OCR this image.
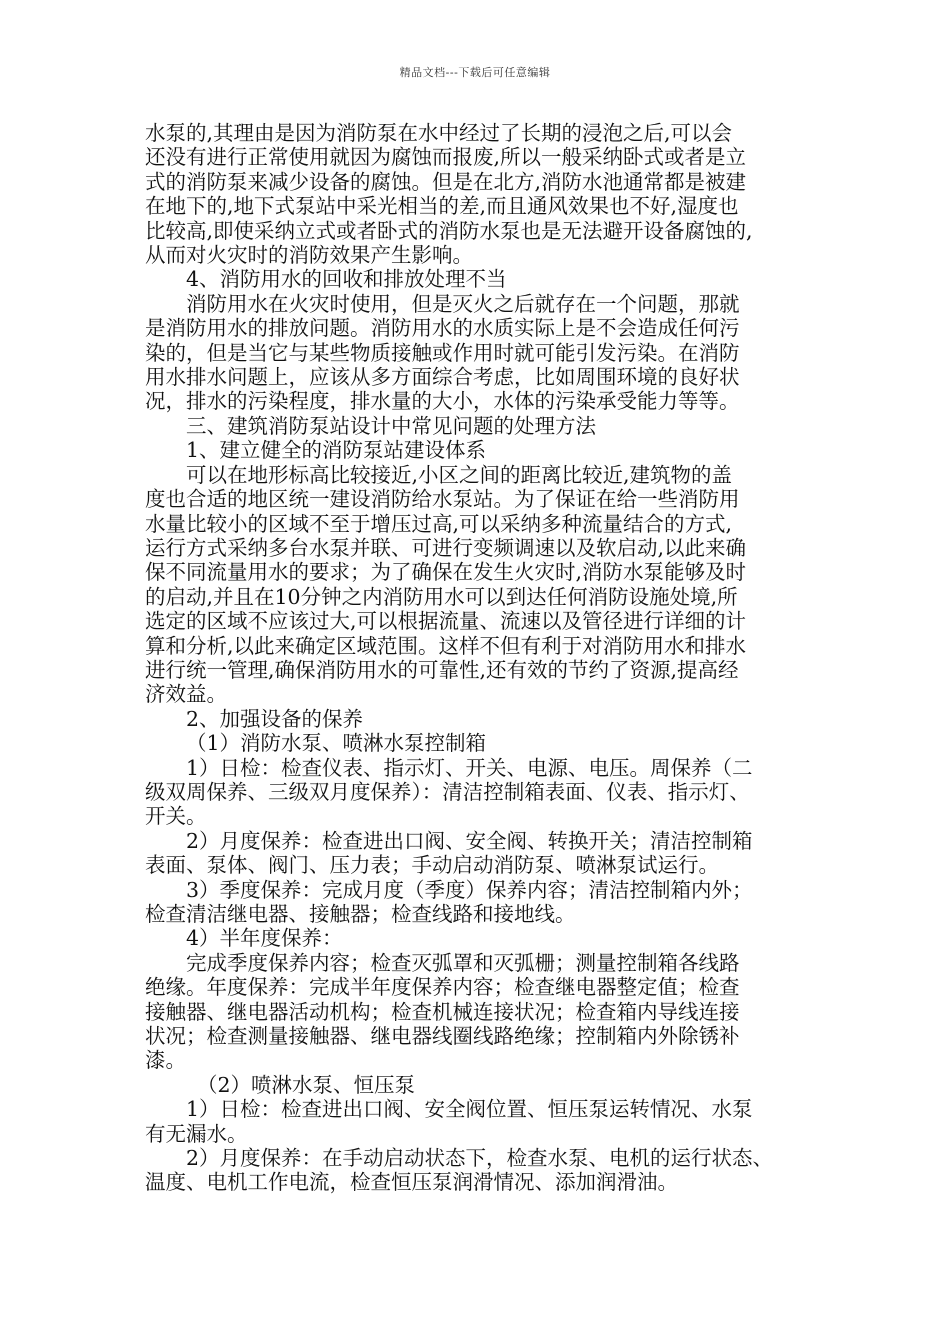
精品文档---下载后可任意编辑

水泵的,其理由是因为消防泵在水中经过了长期的浸泡之后,可以会

还没有进行正常使用就因为腐蚀而报废,所以一般采纳卧式或者是立

式的消防泵来减少设备的腐蚀。但是在北方,消防水池通常都是被建

在地下的,地下式泵站中采光相当的差,而且通风效果也不好,湿度也

比较高,即使采纳立式或者卧式的消防水泵也是无法避开设备腐蚀的,

从而对火灾时的消防效果产生影响。

4、消防用水的回收和排放处理不当

消防用水在火灾时使用，但是灭火之后就存在一个问题，那就

是消防用水的排放问题。消防用水的水质实际上是不会造成任何污

染的，但是当它与某些物质接触或作用时就可能引发污染。在消防

用水排水问题上，应该从多方面综合考虑，比如周围环境的良好状

况，排水的污染程度，排水量的大小，水体的污染承受能力等等。

三、建筑消防泵站设计中常见问题的处理方法

1、建立健全的消防泵站建设体系

可以在地形标高比较接近,小区之间的距离比较近,建筑物的盖

度也合适的地区统一建设消防给水泵站。为了保证在给一些消防用

水量比较小的区域不至于增压过高,可以采纳多种流量结合的方式,

运行方式采纳多台水泵并联、可进行变频调速以及软启动,以此来确

保不同流量用水的要求；为了确保在发生火灾时,消防水泵能够及时

的启动,并且在10分钟之内消防用水可以到达任何消防设施处境,所

选定的区域不应该过大,可以根据流量、流速以及管径进行详细的计

算和分析,以此来确定区域范围。这样不但有利于对消防用水和排水

进行统一管理,确保消防用水的可靠性,还有效的节约了资源,提高经

济效益。

2、加强设备的保养

（1）消防水泵、喷淋水泵控制箱

1）日检：检查仪表、指示灯、开关、电源、电压。周保养（二

级双周保养、三级双月度保养）：清洁控制箱表面、仪表、指示灯、

开关。

2）月度保养：检查进出口阀、安全阀、转换开关；清洁控制箱

表面、泵体、阀门、压力表；手动启动消防泵、喷淋泵试运行。

3）季度保养：完成月度（季度）保养内容；清洁控制箱内外；

检查清洁继电器、接触器；检查线路和接地线。

4）半年度保养：

完成季度保养内容；检查灭弧罩和灭弧栅；测量控制箱各线路

绝缘。年度保养：完成半年度保养内容；检查继电器整定值；检查

接触器、继电器活动机构；检查机械连接状况；检查箱内导线连接

状况；检查测量接触器、继电器线圈线路绝缘；控制箱内外除锈补

漆。

（2）喷淋水泵、恒压泵

1）日检：检查进出口阀、安全阀位置、恒压泵运转情况、水泵

有无漏水。

2）月度保养：在手动启动状态下，检查水泵、电机的运行状态、

温度、电机工作电流，检查恒压泵润滑情况、添加润滑油。
